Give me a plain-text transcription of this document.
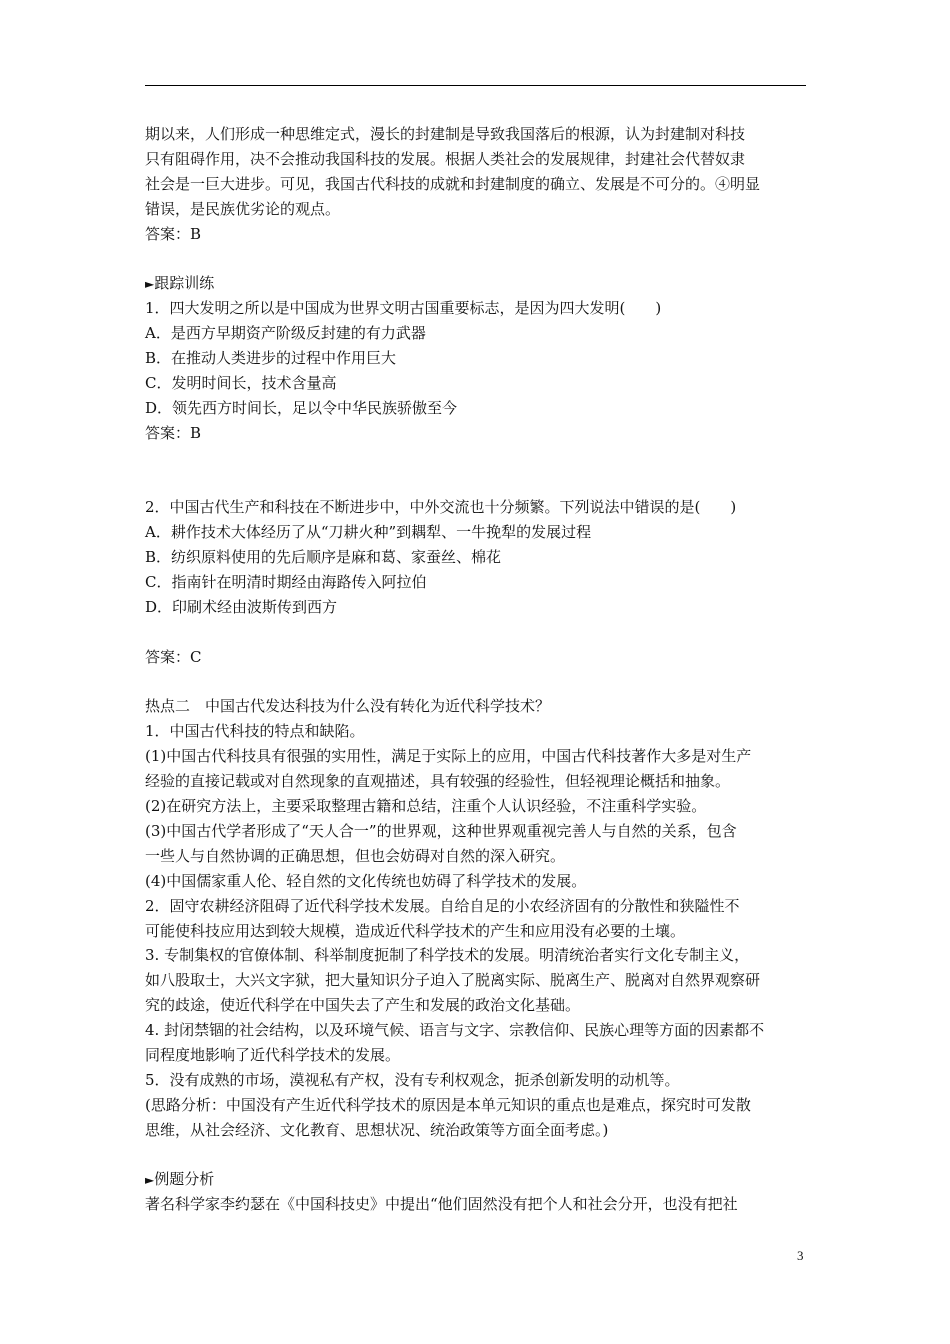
期以来，人们形成一种思维定式，漫长的封建制是导致我国落后的根源，认为封建制对科技
只有阻碍作用，决不会推动我国科技的发展。根据人类社会的发展规律，封建社会代替奴隶
社会是一巨大进步。可见，我国古代科技的成就和封建制度的确立、发展是不可分的。④明显
错误，是民族优劣论的观点。
答案：B
►跟踪训练
1．四大发明之所以是中国成为世界文明古国重要标志，是因为四大发明(　　)
A．是西方早期资产阶级反封建的有力武器
B．在推动人类进步的过程中作用巨大
C．发明时间长，技术含量高
D．领先西方时间长，足以令中华民族骄傲至今
答案：B
2．中国古代生产和科技在不断进步中，中外交流也十分频繁。下列说法中错误的是(　　)
A．耕作技术大体经历了从“刀耕火种”到耦犁、一牛挽犁的发展过程
B．纺织原料使用的先后顺序是麻和葛、家蚕丝、棉花
C．指南针在明清时期经由海路传入阿拉伯
D．印刷术经由波斯传到西方
答案：C
热点二　中国古代发达科技为什么没有转化为近代科学技术？
1．中国古代科技的特点和缺陷。
(1)中国古代科技具有很强的实用性，满足于实际上的应用，中国古代科技著作大多是对生产
经验的直接记载或对自然现象的直观描述，具有较强的经验性，但轻视理论概括和抽象。
(2)在研究方法上，主要采取整理古籍和总结，注重个人认识经验，不注重科学实验。
(3)中国古代学者形成了“天人合一”的世界观，这种世界观重视完善人与自然的关系，包含
一些人与自然协调的正确思想，但也会妨碍对自然的深入研究。
(4)中国儒家重人伦、轻自然的文化传统也妨碍了科学技术的发展。
2．固守农耕经济阻碍了近代科学技术发展。自给自足的小农经济固有的分散性和狭隘性不
可能使科技应用达到较大规模，造成近代科学技术的产生和应用没有必要的土壤。
3. 专制集权的官僚体制、科举制度扼制了科学技术的发展。明清统治者实行文化专制主义，
如八股取士，大兴文字狱，把大量知识分子迫入了脱离实际、脱离生产、脱离对自然界观察研
究的歧途，使近代科学在中国失去了产生和发展的政治文化基础。
4. 封闭禁锢的社会结构，以及环境气候、语言与文字、宗教信仰、民族心理等方面的因素都不
同程度地影响了近代科学技术的发展。
5．没有成熟的市场，漠视私有产权，没有专利权观念，扼杀创新发明的动机等。
(思路分析：中国没有产生近代科学技术的原因是本单元知识的重点也是难点，探究时可发散
思维，从社会经济、文化教育、思想状况、统治政策等方面全面考虑。)
►例题分析
著名科学家李约瑟在《中国科技史》中提出“他们固然没有把个人和社会分开，也没有把社
3
